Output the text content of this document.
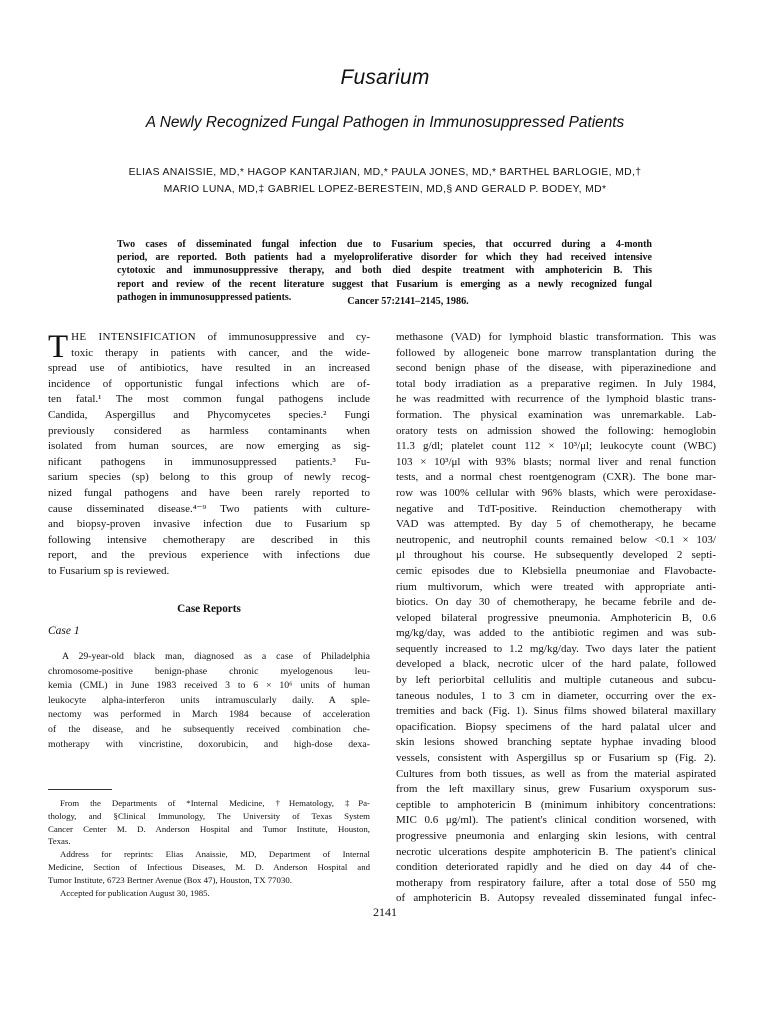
Fusarium
A Newly Recognized Fungal Pathogen in Immunosuppressed Patients
ELIAS ANAISSIE, MD,* HAGOP KANTARJIAN, MD,* PAULA JONES, MD,* BARTHEL BARLOGIE, MD,†
MARIO LUNA, MD,‡ GABRIEL LOPEZ-BERESTEIN, MD,§ AND GERALD P. BODEY, MD*
Two cases of disseminated fungal infection due to Fusarium species, that occurred during a 4-month
period, are reported. Both patients had a myeloproliferative disorder for which they had received intensive
cytotoxic and immunosuppressive therapy, and both died despite treatment with amphotericin B. This
report and review of the recent literature suggest that Fusarium is emerging as a newly recognized fungal
pathogen in immunosuppressed patients.	Cancer 57:2141–2145, 1986.
T HE INTENSIFICATION of immunosuppressive and cy-
toxic therapy in patients with cancer, and the wide-
spread use of antibiotics, have resulted in an increased
incidence of opportunistic fungal infections which are of-
ten fatal.¹ The most common fungal pathogens include
Candida, Aspergillus and Phycomycetes species.² Fungi
previously considered as harmless contaminants when
isolated from human sources, are now emerging as sig-
nificant pathogens in immunosuppressed patients.³ Fu-
sarium species (sp) belong to this group of newly recog-
nized fungal pathogens and have been rarely reported to
cause disseminated disease.⁴⁻⁹ Two patients with culture-
and biopsy-proven invasive infection due to Fusarium sp
following intensive chemotherapy are described in this
report, and the previous experience with infections due
to Fusarium sp is reviewed.
Case Reports
Case 1
A 29-year-old black man, diagnosed as a case of Philadelphia
chromosome-positive benign-phase chronic myelogenous leu-
kemia (CML) in June 1983 received 3 to 6 × 10⁶ units of human
leukocyte alpha-interferon units intramuscularly daily. A sple-
nectomy was performed in March 1984 because of acceleration
of the disease, and he subsequently received combination che-
motherapy with vincristine, doxorubicin, and high-dose dexa-
From the Departments of *Internal Medicine, †Hematology, ‡Pa-
thology, and §Clinical Immunology, The University of Texas System
Cancer Center M. D. Anderson Hospital and Tumor Institute, Houston,
Texas.
Address for reprints: Elias Anaissie, MD, Department of Internal
Medicine, Section of Infectious Diseases, M. D. Anderson Hospital and
Tumor Institute, 6723 Bertner Avenue (Box 47), Houston, TX 77030.
Accepted for publication August 30, 1985.
methasone (VAD) for lymphoid blastic transformation. This was
followed by allogeneic bone marrow transplantation during the
second benign phase of the disease, with piperazinedione and
total body irradiation as a preparative regimen. In July 1984,
he was readmitted with recurrence of the lymphoid blastic trans-
formation. The physical examination was unremarkable. Lab-
oratory tests on admission showed the following: hemoglobin
11.3 g/dl; platelet count 112 × 10³/μl; leukocyte count (WBC)
103 × 10³/μl with 93% blasts; normal liver and renal function
tests, and a normal chest roentgenogram (CXR). The bone mar-
row was 100% cellular with 96% blasts, which were peroxidase-
negative and TdT-positive. Reinduction chemotherapy with
VAD was attempted. By day 5 of chemotherapy, he became
neutropenic, and neutrophil counts remained below <0.1 × 103/
μl throughout his course. He subsequently developed 2 septi-
cemic episodes due to Klebsiella pneumoniae and Flavobacte-
rium multivorum, which were treated with appropriate anti-
biotics. On day 30 of chemotherapy, he became febrile and de-
veloped bilateral progressive pneumonia. Amphotericin B, 0.6
mg/kg/day, was added to the antibiotic regimen and was sub-
sequently increased to 1.2 mg/kg/day. Two days later the patient
developed a black, necrotic ulcer of the hard palate, followed
by left periorbital cellulitis and multiple cutaneous and subcu-
taneous nodules, 1 to 3 cm in diameter, occurring over the ex-
tremities and back (Fig. 1). Sinus films showed bilateral maxillary
opacification. Biopsy specimens of the hard palatal ulcer and
skin lesions showed branching septate hyphae invading blood
vessels, consistent with Aspergillus sp or Fusarium sp (Fig. 2).
Cultures from both tissues, as well as from the material aspirated
from the left maxillary sinus, grew Fusarium oxysporum sus-
ceptible to amphotericin B (minimum inhibitory concentrations:
MIC 0.6 μg/ml). The patient's clinical condition worsened, with
progressive pneumonia and enlarging skin lesions, with central
necrotic ulcerations despite amphotericin B. The patient's clinical
condition deteriorated rapidly and he died on day 44 of che-
motherapy from respiratory failure, after a total dose of 550 mg
of amphotericin B. Autopsy revealed disseminated fungal infec-
2141
